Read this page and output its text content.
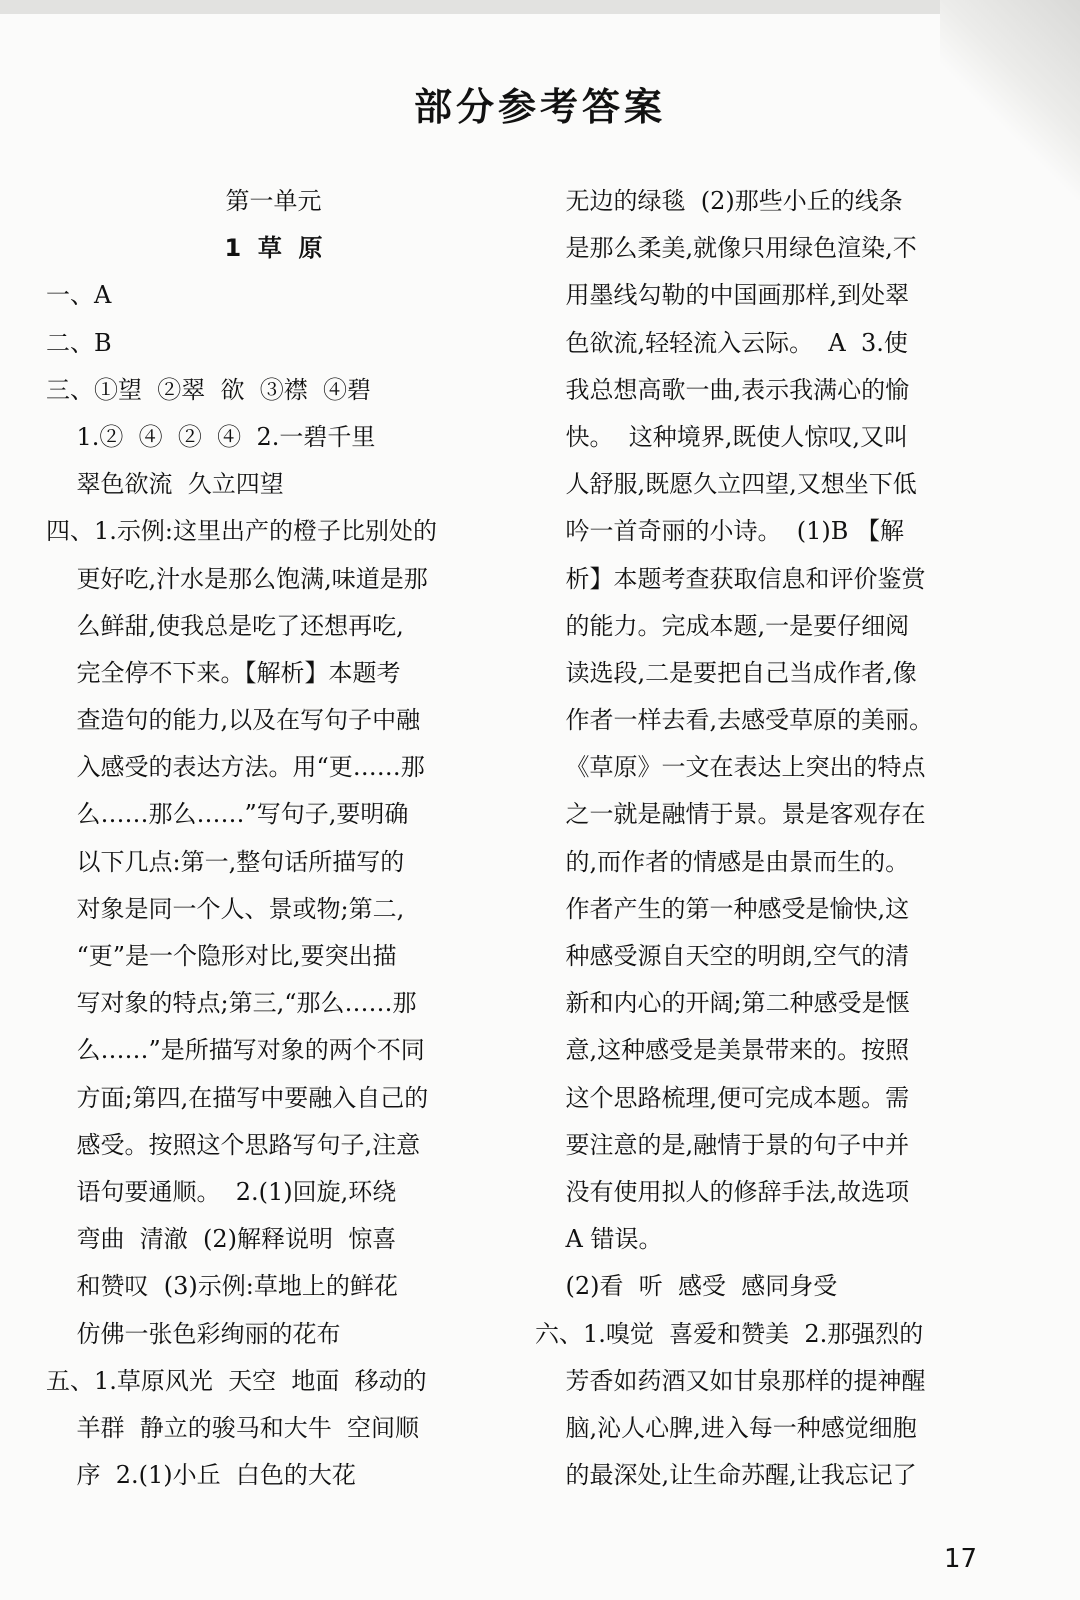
部分参考答案
第一单元
1  草  原
一、A
二、B
三、①望  ②翠  欲  ③襟  ④碧
1.②  ④  ②  ④  2.一碧千里
翠色欲流  久立四望
四、1.示例:这里出产的橙子比别处的
更好吃,汁水是那么饱满,味道是那
么鲜甜,使我总是吃了还想再吃,
完全停不下来。【解析】本题考
查造句的能力,以及在写句子中融
入感受的表达方法。用“更……那
么……那么……”写句子,要明确
以下几点:第一,整句话所描写的
对象是同一个人、景或物;第二,
“更”是一个隐形对比,要突出描
写对象的特点;第三,“那么……那
么……”是所描写对象的两个不同
方面;第四,在描写中要融入自己的
感受。按照这个思路写句子,注意
语句要通顺。  2.(1)回旋,环绕
弯曲  清澈  (2)解释说明  惊喜
和赞叹  (3)示例:草地上的鲜花
仿佛一张色彩绚丽的花布
五、1.草原风光  天空  地面  移动的
羊群  静立的骏马和大牛  空间顺
序  2.(1)小丘  白色的大花
无边的绿毯  (2)那些小丘的线条
是那么柔美,就像只用绿色渲染,不
用墨线勾勒的中国画那样,到处翠
色欲流,轻轻流入云际。  A  3.使
我总想高歌一曲,表示我满心的愉
快。  这种境界,既使人惊叹,又叫
人舒服,既愿久立四望,又想坐下低
吟一首奇丽的小诗。  (1)B 【解
析】本题考查获取信息和评价鉴赏
的能力。完成本题,一是要仔细阅
读选段,二是要把自己当成作者,像
作者一样去看,去感受草原的美丽。
《草原》一文在表达上突出的特点
之一就是融情于景。景是客观存在
的,而作者的情感是由景而生的。
作者产生的第一种感受是愉快,这
种感受源自天空的明朗,空气的清
新和内心的开阔;第二种感受是惬
意,这种感受是美景带来的。按照
这个思路梳理,便可完成本题。需
要注意的是,融情于景的句子中并
没有使用拟人的修辞手法,故选项
A 错误。
(2)看  听  感受  感同身受
六、1.嗅觉  喜爱和赞美  2.那强烈的
芳香如药酒又如甘泉那样的提神醒
脑,沁人心脾,进入每一种感觉细胞
的最深处,让生命苏醒,让我忘记了
17
